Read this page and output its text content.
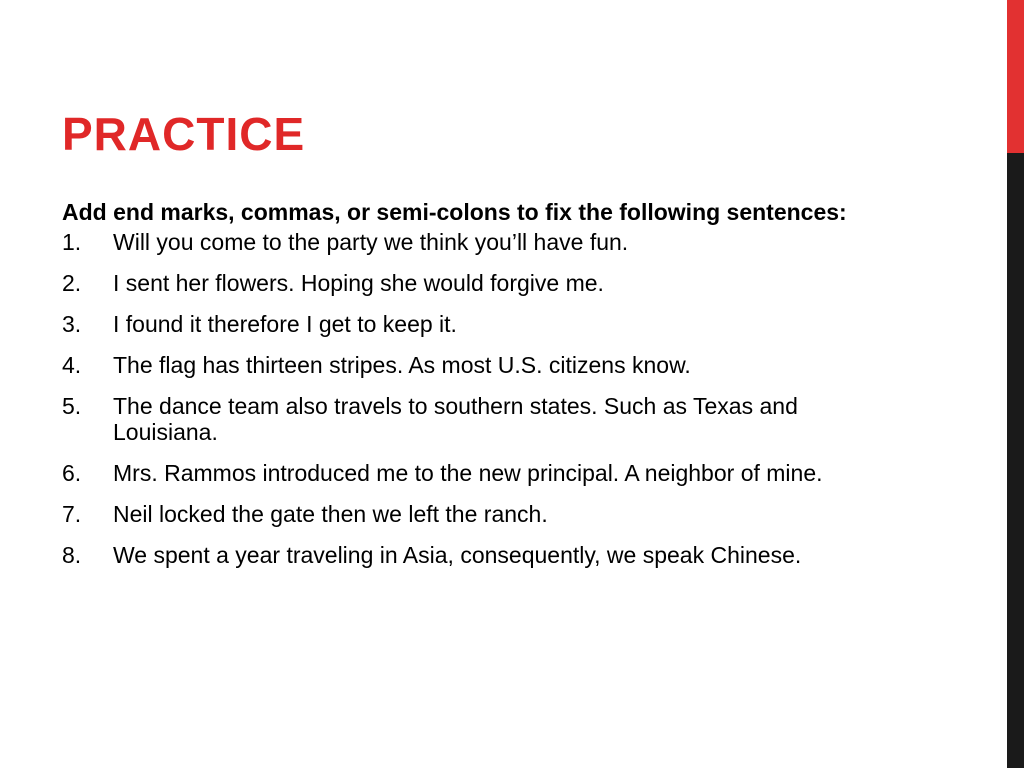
PRACTICE

Add end marks, commas, or semi-colons to fix the following sentences:

1.	Will you come to the party we think you’ll have fun.
2.	I sent her flowers. Hoping she would forgive me.
3.	I found it therefore I get to keep it.
4.	The flag has thirteen stripes. As most U.S. citizens know.
5.	The dance team also travels to southern states. Such as Texas and Louisiana.
6.	Mrs. Rammos introduced me to the new principal. A neighbor of mine.
7.	Neil locked the gate then we left the ranch.
8.	We spent a year traveling in Asia, consequently, we speak Chinese.
